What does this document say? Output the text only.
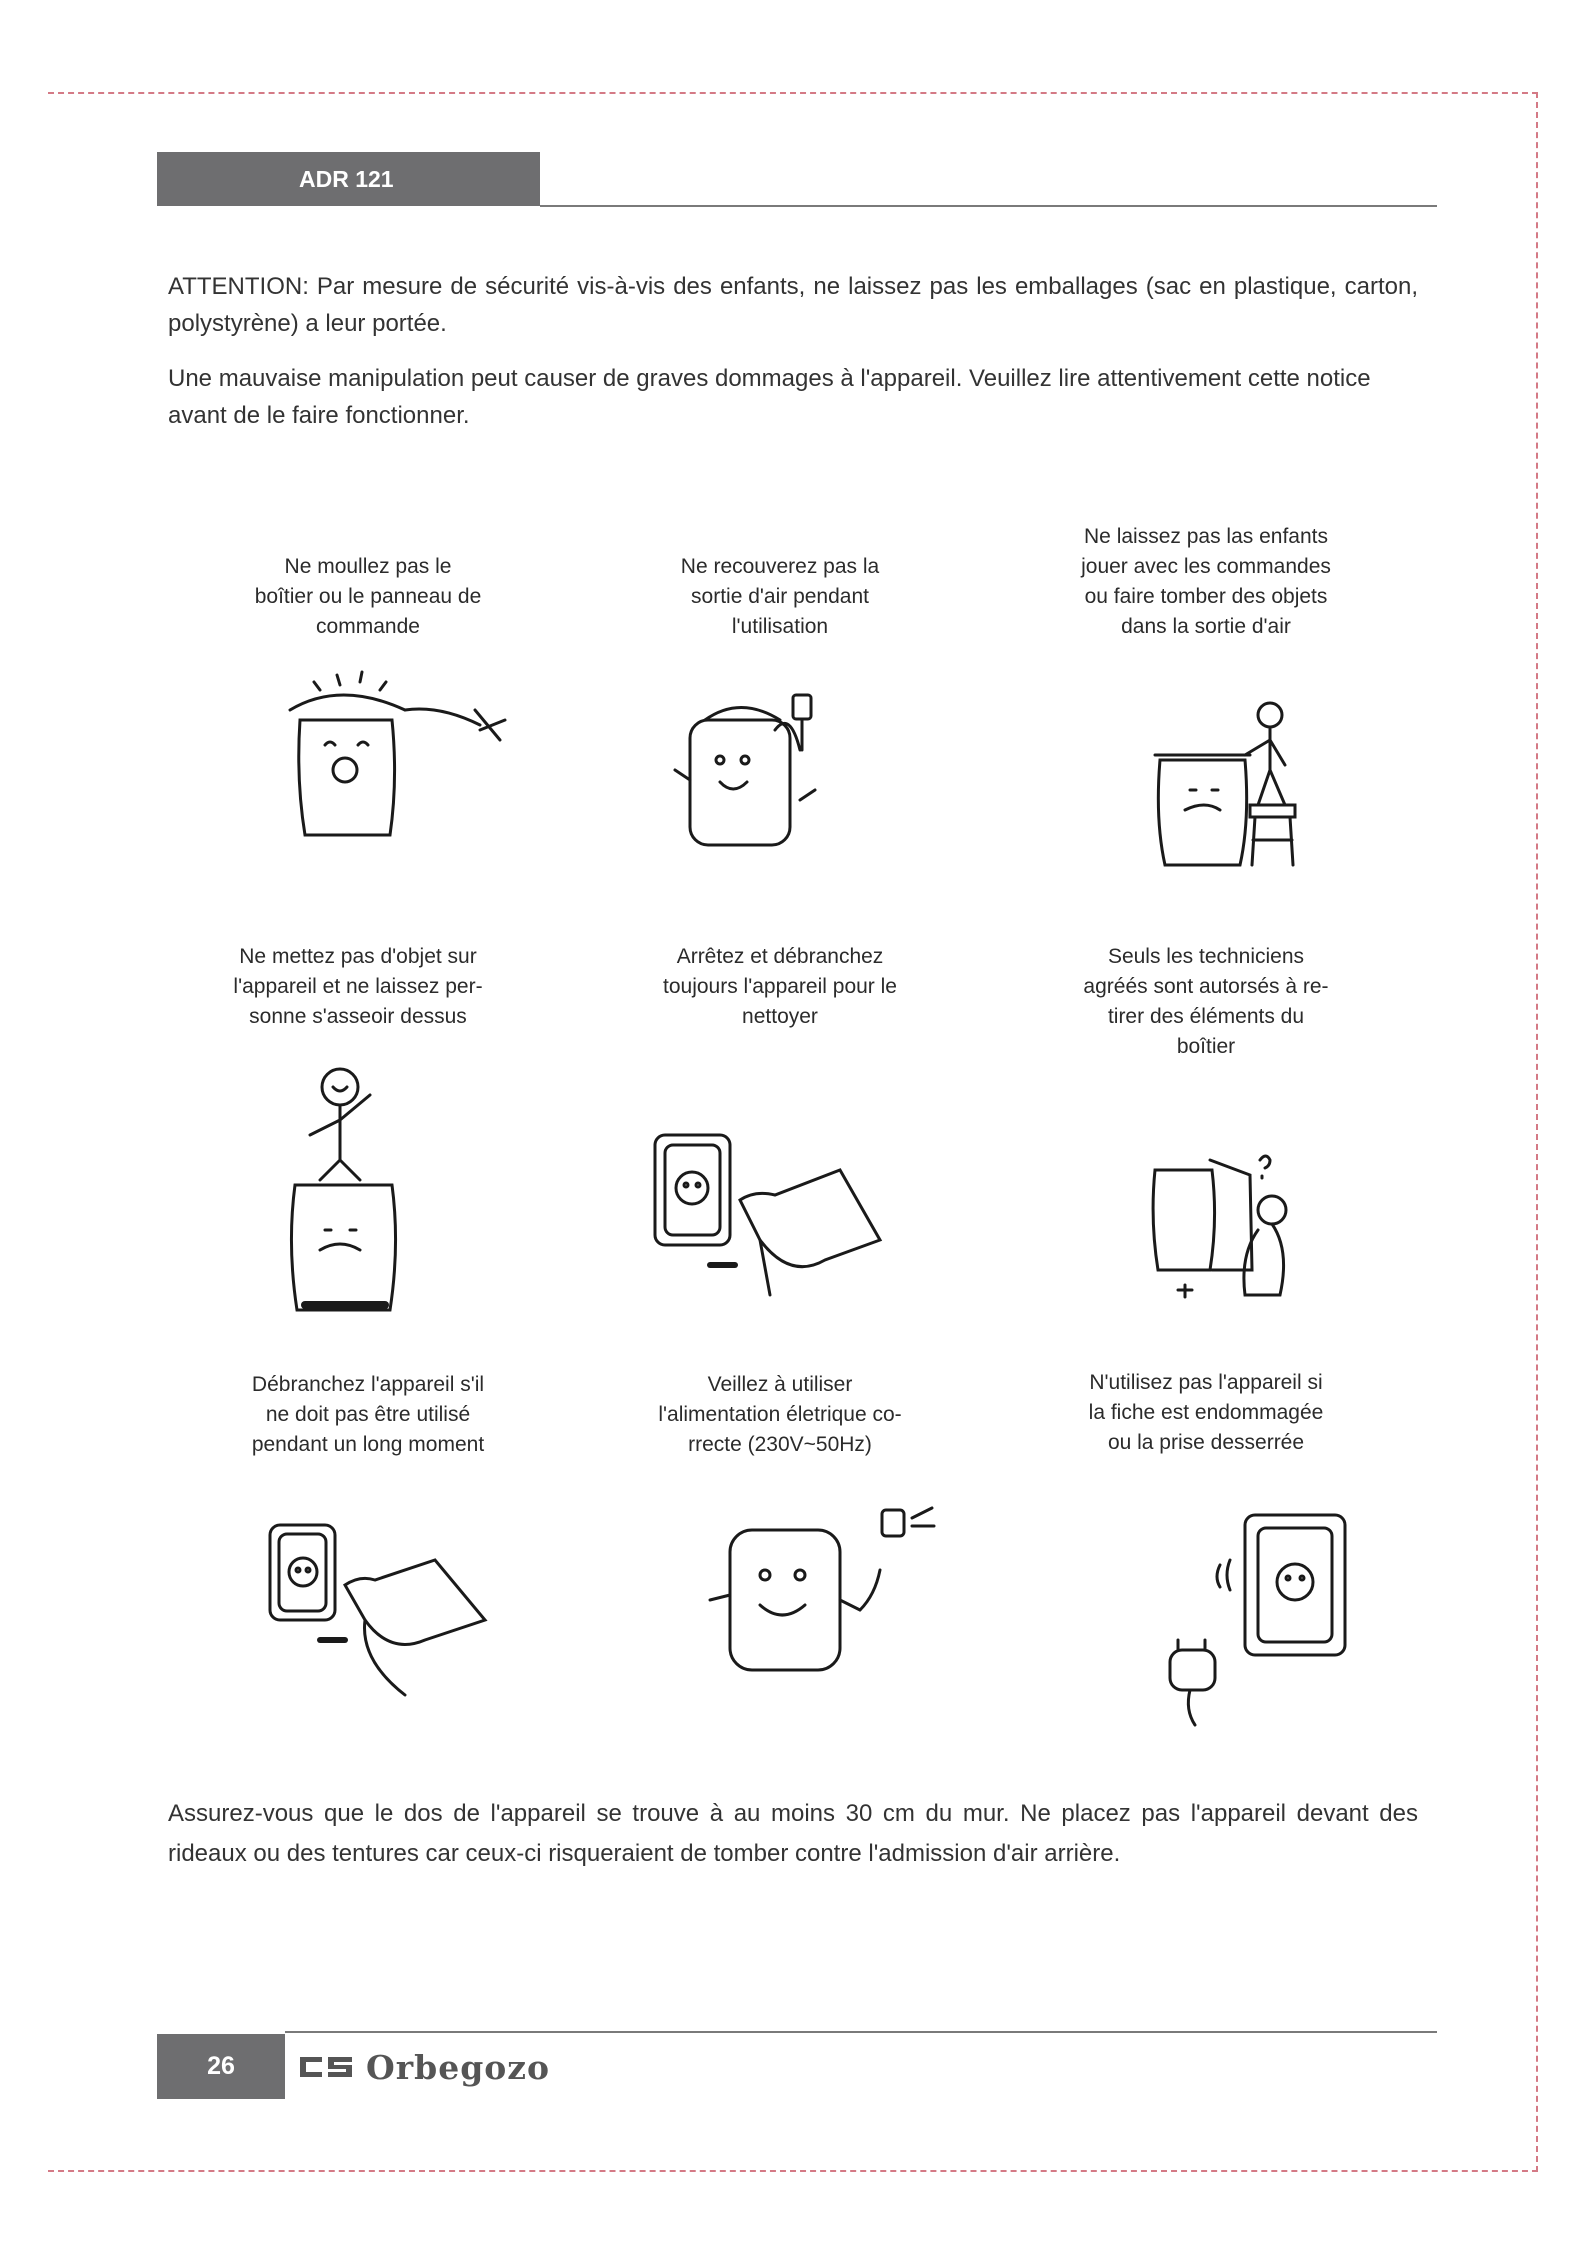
ADR 121

ATTENTION: Par mesure de sécurité vis-à-vis des enfants, ne laissez pas les emballages (sac en plastique, carton, polystyrène) a leur portée.

Une mauvaise manipulation peut causer de graves dommages à l'appareil. Veuillez lire attentivement cette notice avant de le faire fonctionner.

Ne moullez pas le
boîtier ou le panneau de
commande

Ne recouverez pas la
sortie d'air pendant
l'utilisation

Ne laissez pas las enfants
jouer avec les commandes
ou faire tomber des objets
dans la sortie d'air

Ne mettez pas d'objet sur
l'appareil et ne laissez per-
sonne s'asseoir dessus

Arrêtez et débranchez
toujours l'appareil pour le
nettoyer

Seuls les techniciens
agréés sont autorsés à re-
tirer des éléments du
boîtier

Débranchez l'appareil s'il
ne doit pas être utilisé
pendant un long moment

Veillez à utiliser
l'alimentation életrique co-
rrecte (230V~50Hz)

N'utilisez pas l'appareil si
la fiche est endommagée
ou la prise desserrée

Assurez-vous que le dos de l'appareil se trouve à au moins 30 cm du mur. Ne placez pas l'appareil devant des rideaux ou des tentures car ceux-ci risqueraient de tomber contre l'admission d'air arrière.

26	Orbegozo
